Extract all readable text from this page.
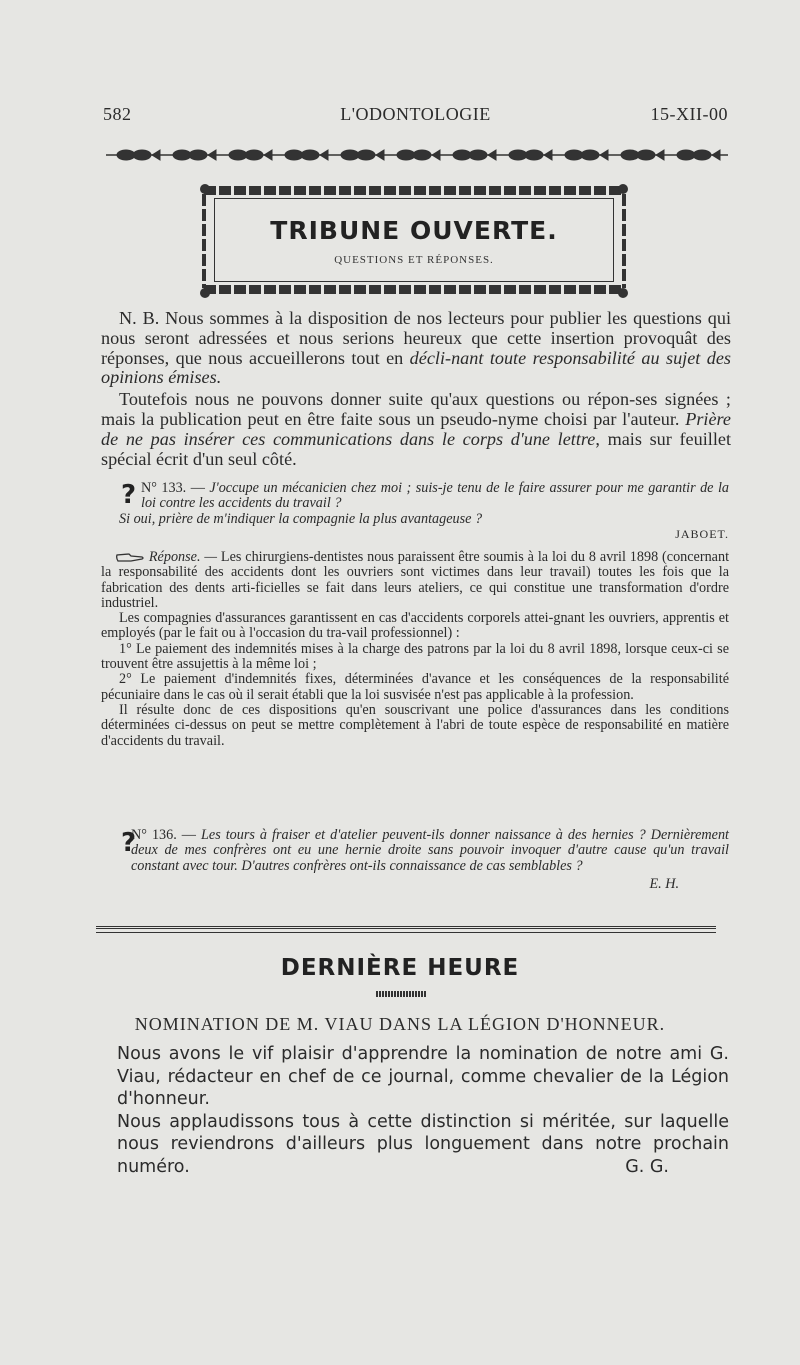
582	L'ODONTOLOGIE	15-XII-00
TRIBUNE OUVERTE.
QUESTIONS ET RÉPONSES.

N. B. Nous sommes à la disposition de nos lecteurs pour publier les questions qui nous seront adressées et nous serions heureux que cette insertion provoquât des réponses, que nous accueillerons tout en décli-nant toute responsabilité au sujet des opinions émises.

Toutefois nous ne pouvons donner suite qu'aux questions ou répon-ses signées ; mais la publication peut en être faite sous un pseudo-nyme choisi par l'auteur. Prière de ne pas insérer ces communications dans le corps d'une lettre, mais sur feuillet spécial écrit d'un seul côté.

? N° 133. — J'occupe un mécanicien chez moi ; suis-je tenu de le faire assurer pour me garantir de la loi contre les accidents du travail ?

Si oui, prière de m'indiquer la compagnie la plus avantageuse ?

JABOET.

Réponse. — Les chirurgiens-dentistes nous paraissent être soumis à la loi du 8 avril 1898 (concernant la responsabilité des accidents dont les ouvriers sont victimes dans leur travail) toutes les fois que la fabrication des dents arti-ficielles se fait dans leurs ateliers, ce qui constitue une transformation d'ordre industriel.

Les compagnies d'assurances garantissent en cas d'accidents corporels attei-gnant les ouvriers, apprentis et employés (par le fait ou à l'occasion du tra-vail professionnel) :

1° Le paiement des indemnités mises à la charge des patrons par la loi du 8 avril 1898, lorsque ceux-ci se trouvent être assujettis à la même loi ;

2° Le paiement d'indemnités fixes, déterminées d'avance et les conséquences de la responsabilité pécuniaire dans le cas où il serait établi que la loi susvisée n'est pas applicable à la profession.

Il résulte donc de ces dispositions qu'en souscrivant une police d'assurances dans les conditions déterminées ci-dessus on peut se mettre complètement à l'abri de toute espèce de responsabilité en matière d'accidents du travail.

?

N° 136. — Les tours à fraiser et d'atelier peuvent-ils donner naissance à des hernies ? Dernièrement deux de mes confrères ont eu une hernie droite sans pouvoir invoquer d'autre cause qu'un travail constant avec tour. D'autres confrères ont-ils connaissance de cas semblables ?

E. H.

DERNIÈRE HEURE
NOMINATION DE M. VIAU DANS LA LÉGION D'HONNEUR.

Nous avons le vif plaisir d'apprendre la nomination de notre ami G. Viau, rédacteur en chef de ce journal, comme chevalier de la Légion d'honneur.

Nous applaudissons tous à cette distinction si méritée, sur laquelle nous reviendrons d'ailleurs plus longuement dans notre prochain numéro.	G. G.
